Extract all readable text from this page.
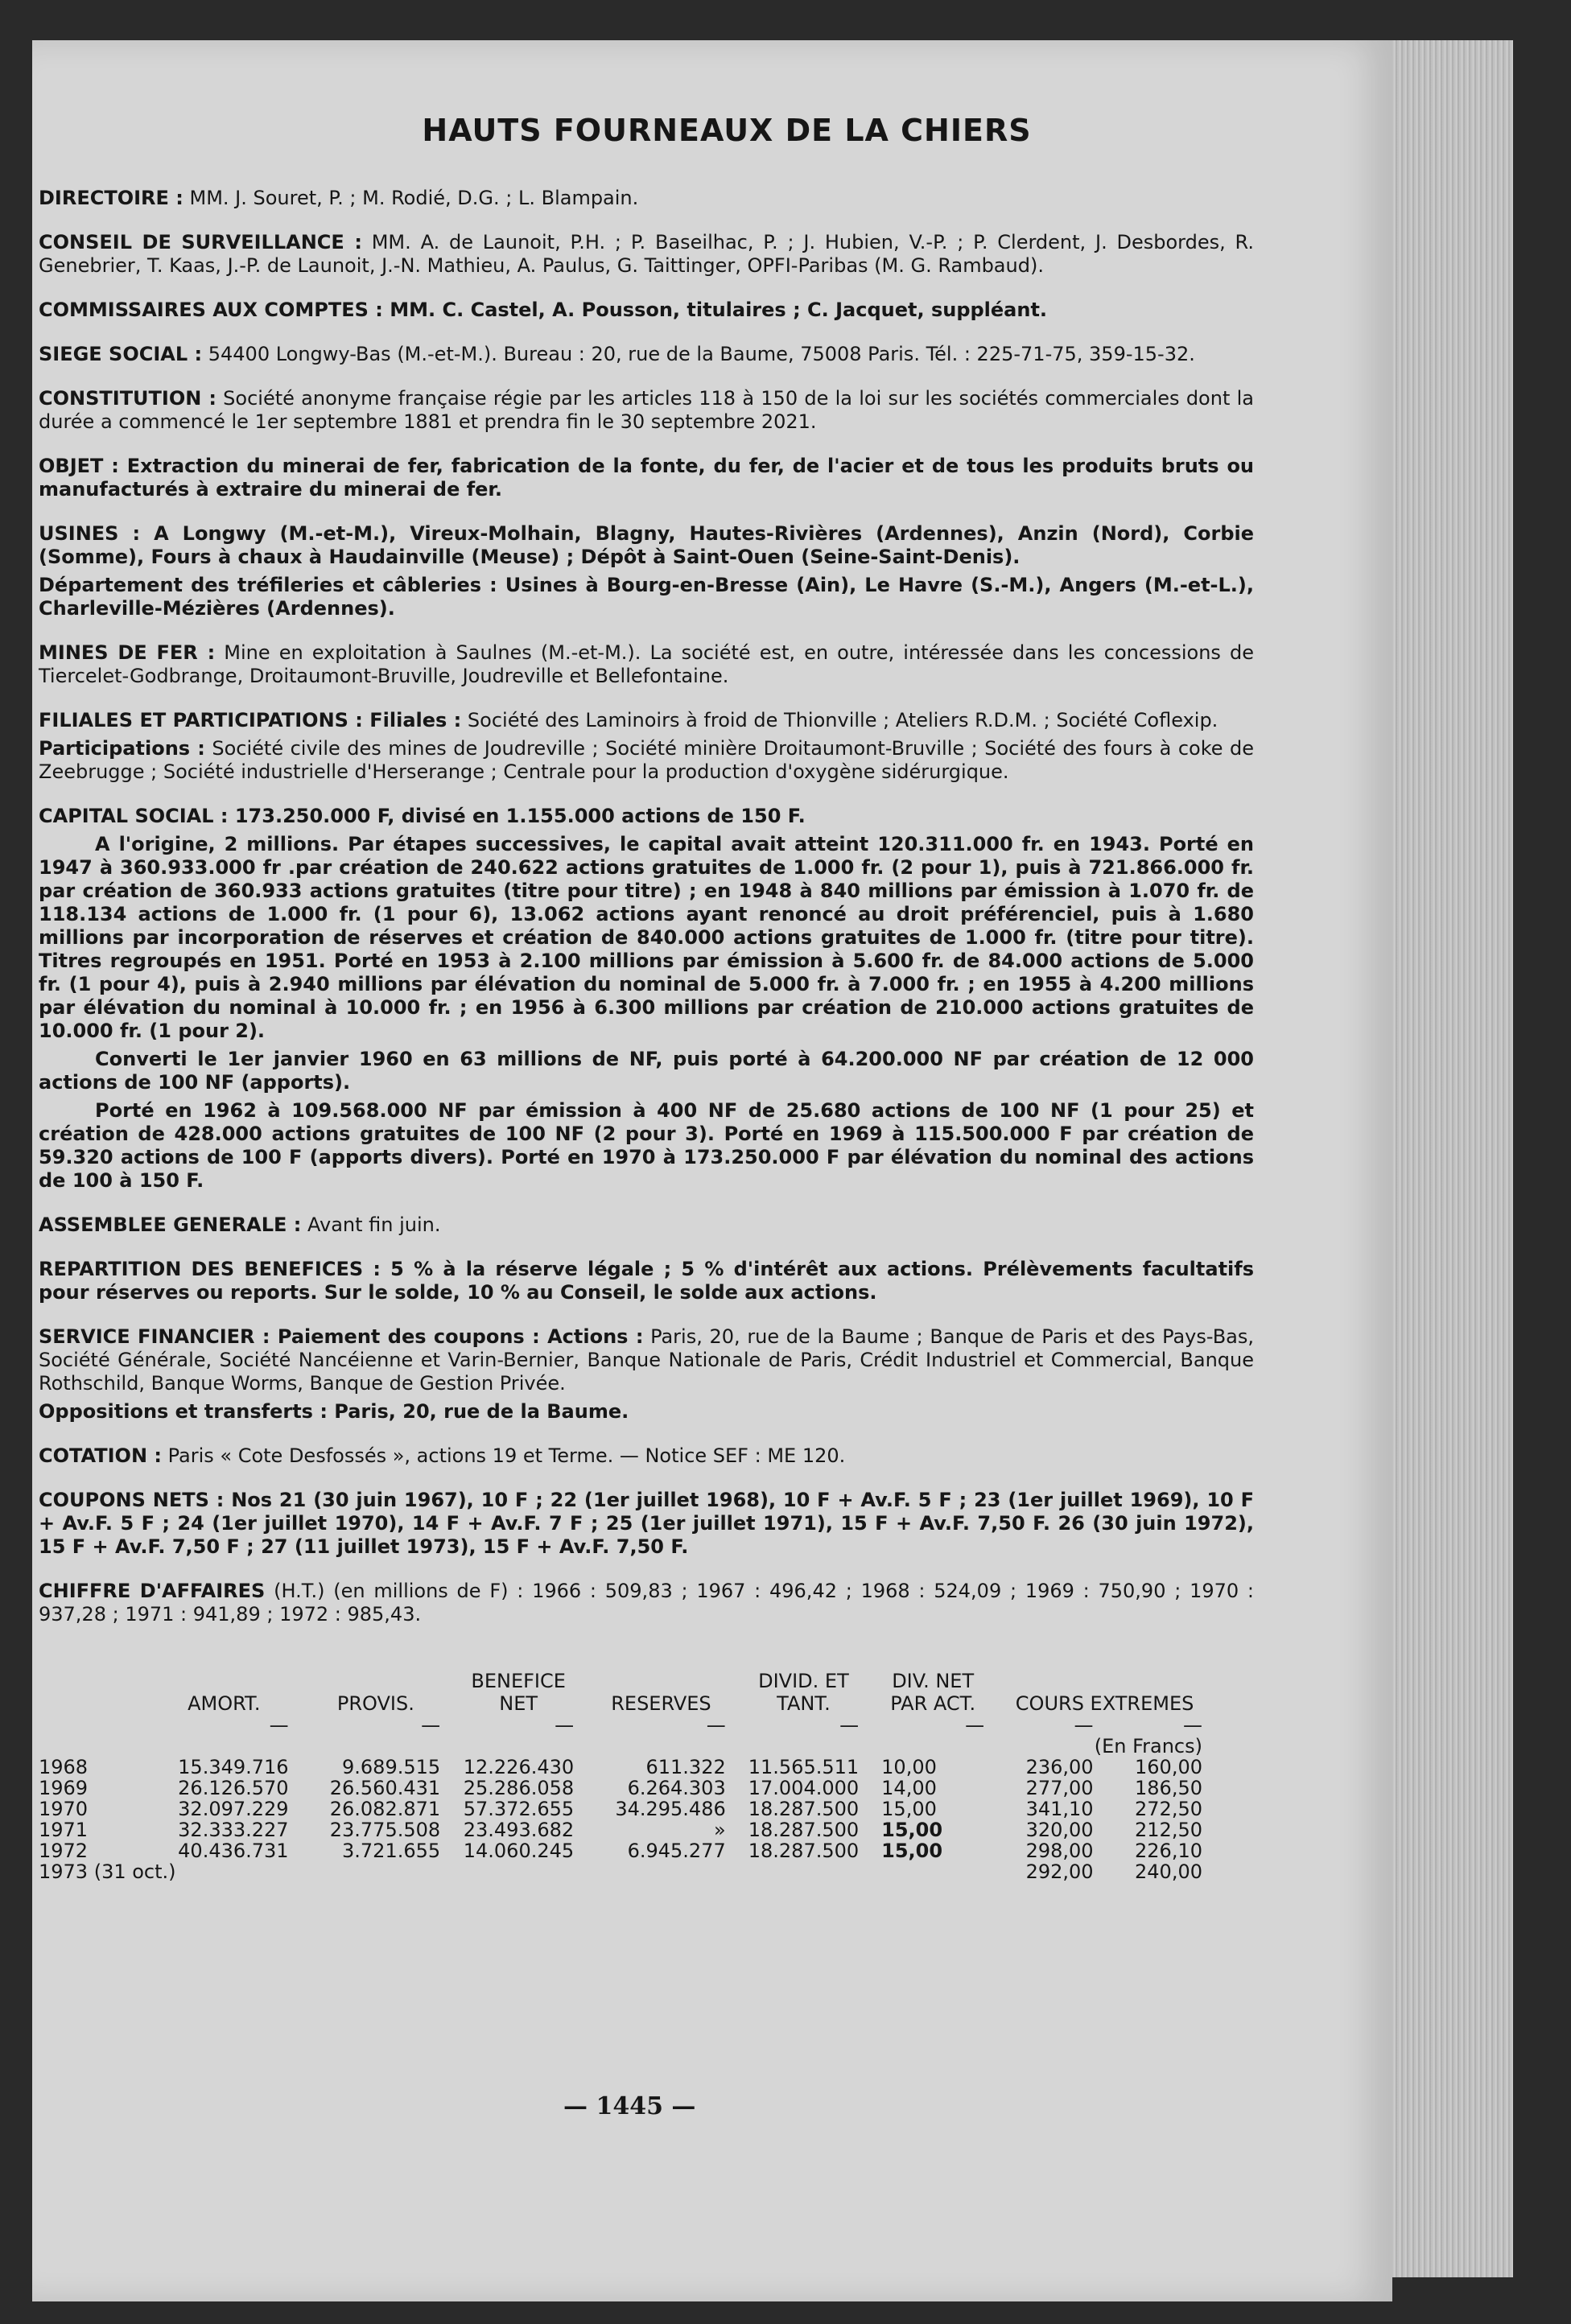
HAUTS FOURNEAUX DE LA CHIERS
DIRECTOIRE : MM. J. Souret, P. ; M. Rodié, D.G. ; L. Blampain.
CONSEIL DE SURVEILLANCE : MM. A. de Launoit, P.H. ; P. Baseilhac, P. ; J. Hubien, V.-P. ; P. Clerdent, J. Desbordes, R. Genebrier, T. Kaas, J.-P. de Launoit, J.-N. Mathieu, A. Paulus, G. Taittinger, OPFI-Paribas (M. G. Rambaud).
COMMISSAIRES AUX COMPTES : MM. C. Castel, A. Pousson, titulaires ; C. Jacquet, suppléant.
SIEGE SOCIAL : 54400 Longwy-Bas (M.-et-M.). Bureau : 20, rue de la Baume, 75008 Paris. Tél. : 225-71-75, 359-15-32.
CONSTITUTION : Société anonyme française régie par les articles 118 à 150 de la loi sur les sociétés commerciales dont la durée a commencé le 1er septembre 1881 et prendra fin le 30 septembre 2021.
OBJET : Extraction du minerai de fer, fabrication de la fonte, du fer, de l'acier et de tous les produits bruts ou manufacturés à extraire du minerai de fer.

USINES : A Longwy (M.-et-M.), Vireux-Molhain, Blagny, Hautes-Rivières (Ardennes), Anzin (Nord), Corbie (Somme), Fours à chaux à Haudainville (Meuse) ; Dépôt à Saint-Ouen (Seine-Saint-Denis).

Département des tréfileries et câbleries : Usines à Bourg-en-Bresse (Ain), Le Havre (S.-M.), Angers (M.-et-L.), Charleville-Mézières (Ardennes).

MINES DE FER : Mine en exploitation à Saulnes (M.-et-M.). La société est, en outre, intéressée dans les concessions de Tiercelet-Godbrange, Droitaumont-Bruville, Joudreville et Bellefontaine.

FILIALES ET PARTICIPATIONS : Filiales : Société des Laminoirs à froid de Thionville ; Ateliers R.D.M. ; Société Coflexip.

Participations : Société civile des mines de Joudreville ; Société minière Droitaumont-Bruville ; Société des fours à coke de Zeebrugge ; Société industrielle d'Herserange ; Centrale pour la production d'oxygène sidérurgique.

CAPITAL SOCIAL : 173.250.000 F, divisé en 1.155.000 actions de 150 F.

A l'origine, 2 millions. Par étapes successives, le capital avait atteint 120.311.000 fr. en 1943. Porté en 1947 à 360.933.000 fr .par création de 240.622 actions gratuites de 1.000 fr. (2 pour 1), puis à 721.866.000 fr. par création de 360.933 actions gratuites (titre pour titre) ; en 1948 à 840 millions par émission à 1.070 fr. de 118.134 actions de 1.000 fr. (1 pour 6), 13.062 actions ayant renoncé au droit préférenciel, puis à 1.680 millions par incorporation de réserves et création de 840.000 actions gratuites de 1.000 fr. (titre pour titre). Titres regroupés en 1951. Porté en 1953 à 2.100 millions par émission à 5.600 fr. de 84.000 actions de 5.000 fr. (1 pour 4), puis à 2.940 millions par élévation du nominal de 5.000 fr. à 7.000 fr. ; en 1955 à 4.200 millions par élévation du nominal à 10.000 fr. ; en 1956 à 6.300 millions par création de 210.000 actions gratuites de 10.000 fr. (1 pour 2).

Converti le 1er janvier 1960 en 63 millions de NF, puis porté à 64.200.000 NF par création de 12 000 actions de 100 NF (apports).

Porté en 1962 à 109.568.000 NF par émission à 400 NF de 25.680 actions de 100 NF (1 pour 25) et création de 428.000 actions gratuites de 100 NF (2 pour 3). Porté en 1969 à 115.500.000 F par création de 59.320 actions de 100 F (apports divers). Porté en 1970 à 173.250.000 F par élévation du nominal des actions de 100 à 150 F.

ASSEMBLEE GENERALE : Avant fin juin.
REPARTITION DES BENEFICES : 5 % à la réserve légale ; 5 % d'intérêt aux actions. Prélèvements facultatifs pour réserves ou reports. Sur le solde, 10 % au Conseil, le solde aux actions.

SERVICE FINANCIER : Paiement des coupons : Actions : Paris, 20, rue de la Baume ; Banque de Paris et des Pays-Bas, Société Générale, Société Nancéienne et Varin-Bernier, Banque Nationale de Paris, Crédit Industriel et Commercial, Banque Rothschild, Banque Worms, Banque de Gestion Privée.

Oppositions et transferts : Paris, 20, rue de la Baume.

COTATION : Paris « Cote Desfossés », actions 19 et Terme. — Notice SEF : ME 120.
COUPONS NETS : Nos 21 (30 juin 1967), 10 F ; 22 (1er juillet 1968), 10 F + Av.F. 5 F ; 23 (1er juillet 1969), 10 F + Av.F. 5 F ; 24 (1er juillet 1970), 14 F + Av.F. 7 F ; 25 (1er juillet 1971), 15 F + Av.F. 7,50 F. 26 (30 juin 1972), 15 F + Av.F. 7,50 F ; 27 (11 juillet 1973), 15 F + Av.F. 7,50 F.
CHIFFRE D'AFFAIRES (H.T.) (en millions de F) : 1966 : 509,83 ; 1967 : 496,42 ; 1968 : 524,09 ; 1969 : 750,90 ; 1970 : 937,28 ; 1971 : 941,89 ; 1972 : 985,43.
	AMORT.	PROVIS.	BENEFICE NET	RESERVES	DIVID. ET TANT.	DIV. NET PAR ACT.	COURS EXTREMES	
	—	—	—	—	—	—	—	—
(En Francs)								
1968	15.349.716	9.689.515	12.226.430	611.322	11.565.511	10,00	236,00	160,00
1969	26.126.570	26.560.431	25.286.058	6.264.303	17.004.000	14,00	277,00	186,50
1970	32.097.229	26.082.871	57.372.655	34.295.486	18.287.500	15,00	341,10	272,50
1971	32.333.227	23.775.508	23.493.682	»	18.287.500	15,00	320,00	212,50
1972	40.436.731	3.721.655	14.060.245	6.945.277	18.287.500	15,00	298,00	226,10
1973 (31 oct.)							292,00	240,00
— 1445 —
